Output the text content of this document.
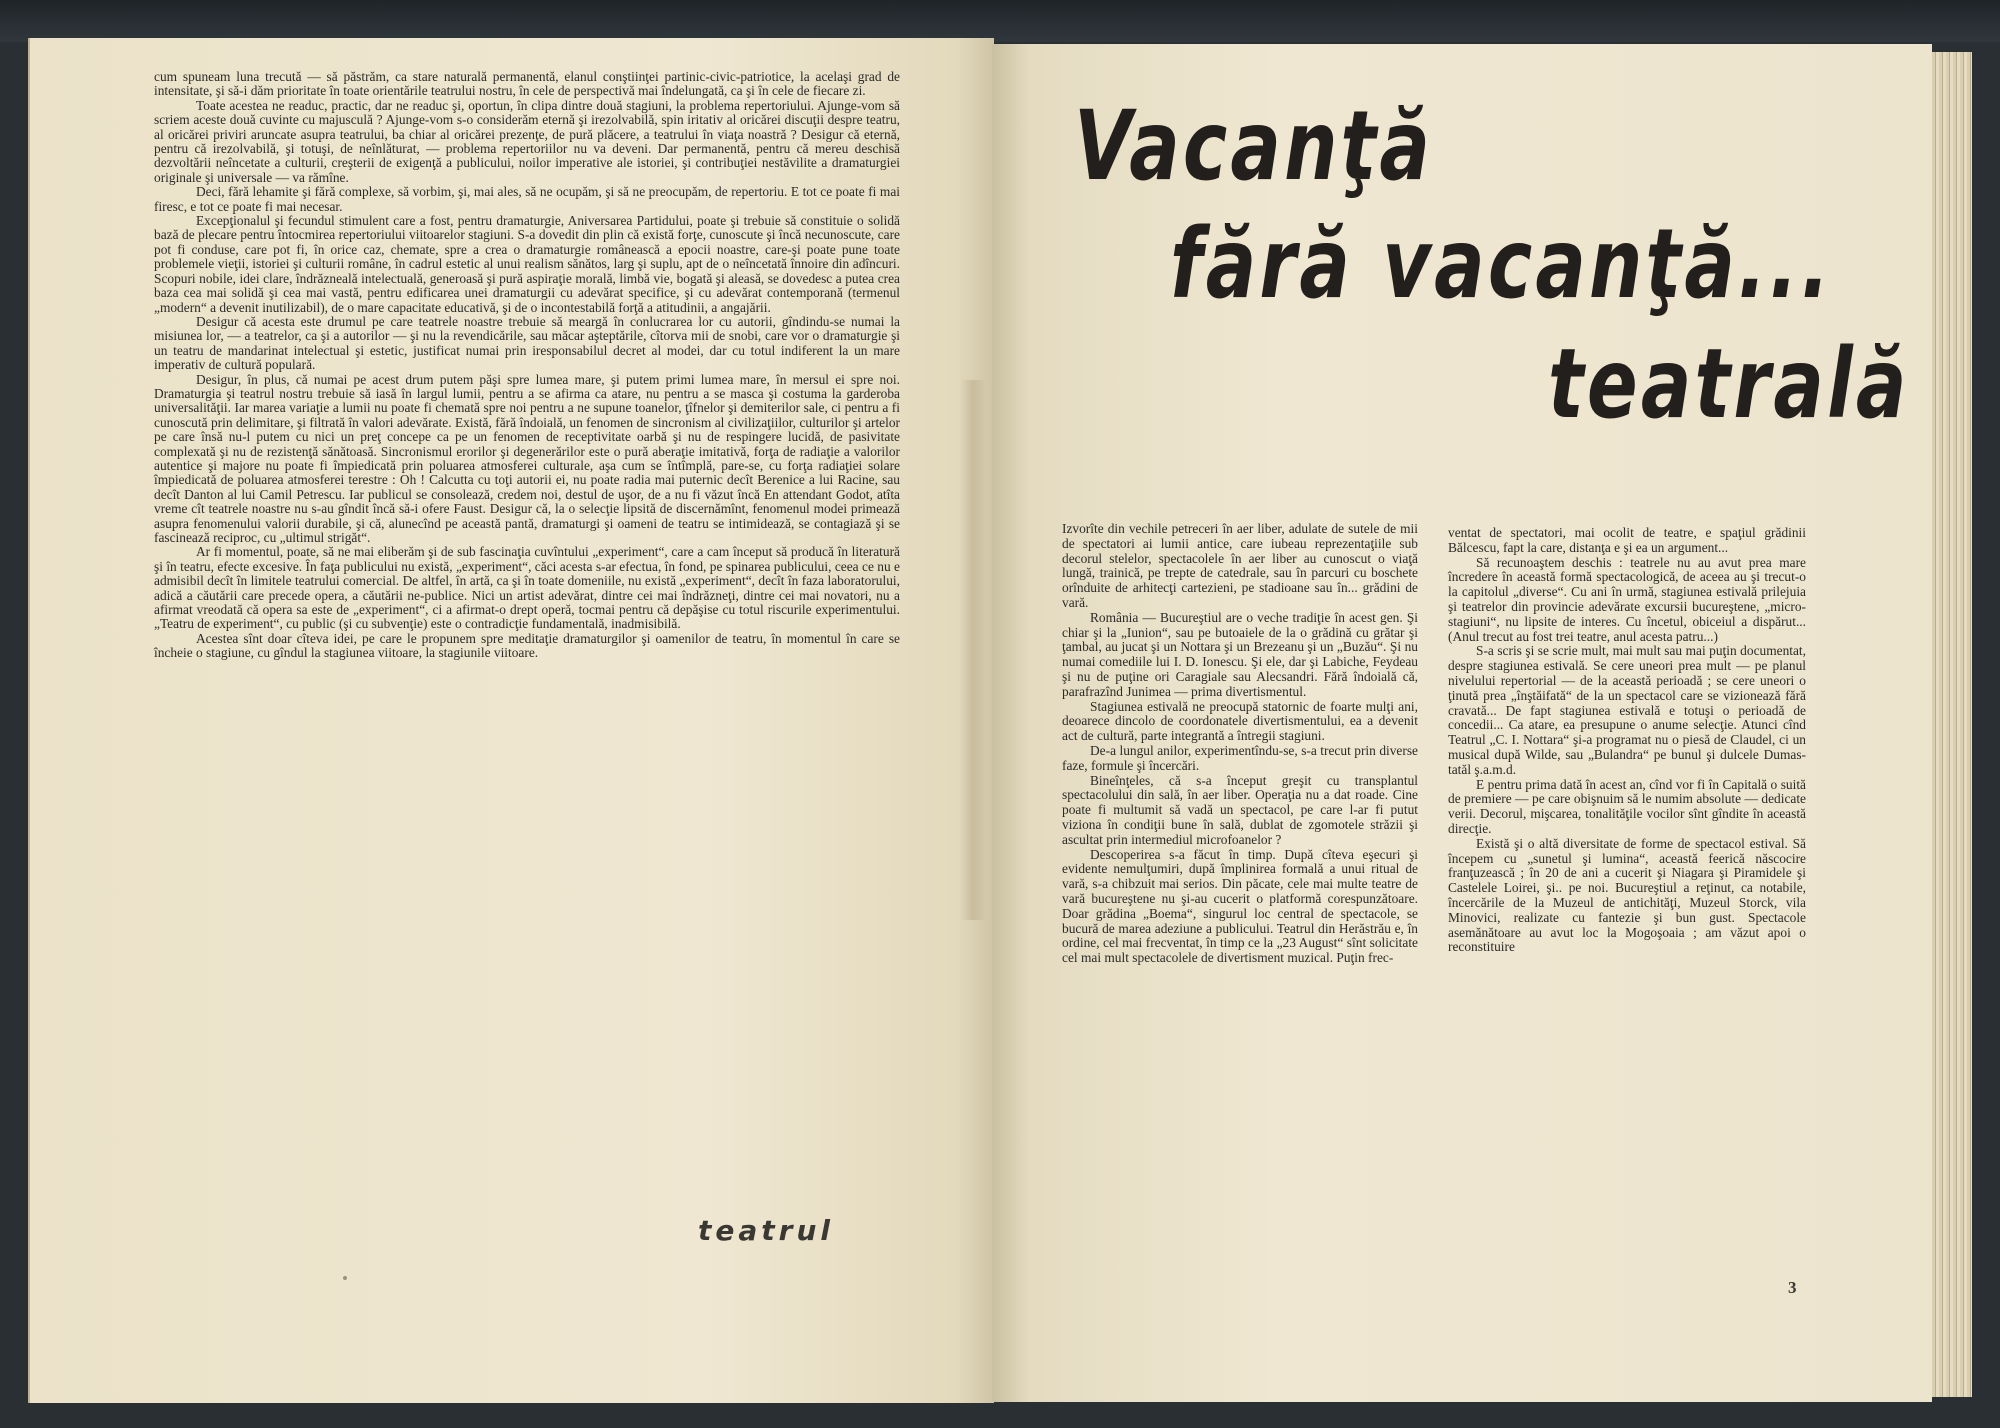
cum spuneam luna trecută — să păstrăm, ca stare naturală permanentă, elanul conştiinţei partinic-civic-patriotice, la acelaşi grad de intensitate, şi să-i dăm prioritate în toate orientările teatrului nostru, în cele de perspectivă mai îndelungată, ca şi în cele de fiecare zi.

Toate acestea ne readuc, practic, dar ne readuc şi, oportun, în clipa dintre două stagiuni, la problema repertoriului. Ajunge-vom să scriem aceste două cuvinte cu majusculă ? Ajunge-vom s-o considerăm eternă şi irezolvabilă, spin iritativ al oricărei discuţii despre teatru, al oricărei priviri aruncate asupra teatrului, ba chiar al oricărei prezenţe, de pură plăcere, a teatrului în viaţa noastră ? Desigur că eternă, pentru că irezolvabilă, şi totuşi, de neînlăturat, — problema repertoriilor nu va deveni. Dar permanentă, pentru că mereu deschisă dezvoltării neîncetate a culturii, creşterii de exigenţă a publicului, noilor imperative ale istoriei, şi contribuţiei nestăvilite a dramaturgiei originale şi universale — va rămîne.

Deci, fără lehamite şi fără complexe, să vorbim, şi, mai ales, să ne ocupăm, şi să ne preocupăm, de repertoriu. E tot ce poate fi mai firesc, e tot ce poate fi mai necesar.

Excepţionalul şi fecundul stimulent care a fost, pentru dramaturgie, Aniversarea Partidului, poate şi trebuie să constituie o solidă bază de plecare pentru întocmirea repertoriului viitoarelor stagiuni. S-a dovedit din plin că există forţe, cunoscute şi încă necunoscute, care pot fi conduse, care pot fi, în orice caz, chemate, spre a crea o dramaturgie românească a epocii noastre, care-şi poate pune toate problemele vieţii, istoriei şi culturii române, în cadrul estetic al unui realism sănătos, larg şi suplu, apt de o neîncetată înnoire din adîncuri. Scopuri nobile, idei clare, îndrăzneală intelectuală, generoasă şi pură aspiraţie morală, limbă vie, bogată şi aleasă, se dovedesc a putea crea baza cea mai solidă şi cea mai vastă, pentru edificarea unei dramaturgii cu adevărat specifice, şi cu adevărat contemporană (termenul „modern“ a devenit inutilizabil), de o mare capacitate educativă, şi de o incontestabilă forţă a atitudinii, a angajării.

Desigur că acesta este drumul pe care teatrele noastre trebuie să meargă în conlucrarea lor cu autorii, gîndindu-se numai la misiunea lor, — a teatrelor, ca şi a autorilor — şi nu la revendicările, sau măcar aşteptările, cîtorva mii de snobi, care vor o dramaturgie şi un teatru de mandarinat intelectual şi estetic, justificat numai prin iresponsabilul decret al modei, dar cu totul indiferent la un mare imperativ de cultură populară.

Desigur, în plus, că numai pe acest drum putem păşi spre lumea mare, şi putem primi lumea mare, în mersul ei spre noi. Dramaturgia şi teatrul nostru trebuie să iasă în largul lumii, pentru a se afirma ca atare, nu pentru a se masca şi costuma la garderoba universalităţii. Iar marea variaţie a lumii nu poate fi chemată spre noi pentru a ne supune toanelor, ţîfnelor şi demiterilor sale, ci pentru a fi cunoscută prin delimitare, şi filtrată în valori adevărate. Există, fără îndoială, un fenomen de sincronism al civilizaţiilor, culturilor şi artelor pe care însă nu-l putem cu nici un preţ concepe ca pe un fenomen de receptivitate oarbă şi nu de respingere lucidă, de pasivitate complexată şi nu de rezistenţă sănătoasă. Sincronismul erorilor şi degenerărilor este o pură aberaţie imitativă, forţa de radiaţie a valorilor autentice şi majore nu poate fi împiedicată prin poluarea atmosferei culturale, aşa cum se întîmplă, pare-se, cu forţa radiaţiei solare împiedicată de poluarea atmosferei terestre : Oh ! Calcutta cu toţi autorii ei, nu poate radia mai puternic decît Berenice a lui Racine, sau decît Danton al lui Camil Petrescu. Iar publicul se consolează, credem noi, destul de uşor, de a nu fi văzut încă En attendant Godot, atîta vreme cît teatrele noastre nu s-au gîndit încă să-i ofere Faust. Desigur că, la o selecţie lipsită de discernămînt, fenomenul modei primează asupra fenomenului valorii durabile, şi că, alunecînd pe această pantă, dramaturgi şi oameni de teatru se intimidează, se contagiază şi se fascinează reciproc, cu „ultimul strigăt“.

Ar fi momentul, poate, să ne mai eliberăm şi de sub fascinaţia cuvîntului „experiment“, care a cam început să producă în literatură şi în teatru, efecte excesive. În faţa publicului nu există, „experiment“, căci acesta s-ar efectua, în fond, pe spinarea publicului, ceea ce nu e admisibil decît în limitele teatrului comercial. De altfel, în artă, ca şi în toate domeniile, nu există „experiment“, decît în faza laboratorului, adică a căutării care precede opera, a căutării ne-publice. Nici un artist adevărat, dintre cei mai îndrăzneţi, dintre cei mai novatori, nu a afirmat vreodată că opera sa este de „experiment“, ci a afirmat-o drept operă, tocmai pentru că depăşise cu totul riscurile experimentului. „Teatru de experiment“, cu public (şi cu subvenţie) este o contradicţie fundamentală, inadmisibilă.

Acestea sînt doar cîteva idei, pe care le propunem spre meditaţie dramaturgilor şi oamenilor de teatru, în momentul în care se încheie o stagiune, cu gîndul la stagiunea viitoare, la stagiunile viitoare.

teatrul
Vacanţă
fără vacanţă...
teatrală

Izvorîte din vechile petreceri în aer liber, adulate de sutele de mii de spectatori ai lumii antice, care iubeau reprezentaţiile sub decorul stelelor, spectacolele în aer liber au cunoscut o viaţă lungă, trainică, pe trepte de catedrale, sau în parcuri cu boschete orînduite de arhitecţi cartezieni, pe stadioane sau în... grădini de vară.

România — Bucureştiul are o veche tradiţie în acest gen. Şi chiar şi la „Iunion“, sau pe butoaiele de la o grădină cu grătar şi ţambal, au jucat şi un Nottara şi un Brezeanu şi un „Buzău“. Şi nu numai comediile lui I. D. Ionescu. Şi ele, dar şi Labiche, Feydeau şi nu de puţine ori Caragiale sau Alecsandri. Fără îndoială că, parafrazînd Junimea — prima divertismentul.

Stagiunea estivală ne preocupă statornic de foarte mulţi ani, deoarece dincolo de coordonatele divertismentului, ea a devenit act de cultură, parte integrantă a întregii stagiuni.

De-a lungul anilor, experimentîndu-se, s-a trecut prin diverse faze, formule şi încercări.

Bineînţeles, că s-a început greşit cu transplantul spectacolului din sală, în aer liber. Operaţia nu a dat roade. Cine poate fi multumit să vadă un spectacol, pe care l-ar fi putut viziona în condiţii bune în sală, dublat de zgomotele străzii şi ascultat prin intermediul microfoanelor ?

Descoperirea s-a făcut în timp. După cîteva eşecuri şi evidente nemulţumiri, după împlinirea formală a unui ritual de vară, s-a chibzuit mai serios. Din păcate, cele mai multe teatre de vară bucureştene nu şi-au cucerit o platformă corespunzătoare. Doar grădina „Boema“, singurul loc central de spectacole, se bucură de marea adeziune a publicului. Teatrul din Herăstrău e, în ordine, cel mai frecventat, în timp ce la „23 August“ sînt solicitate cel mai mult spectacolele de divertisment muzical. Puţin frec-

ventat de spectatori, mai ocolit de teatre, e spaţiul grădinii Bălcescu, fapt la care, distanţa e şi ea un argument...

Să recunoaştem deschis : teatrele nu au avut prea mare încredere în această formă spectacologică, de aceea au şi trecut-o la capitolul „diverse“. Cu ani în urmă, stagiunea estivală prilejuia şi teatrelor din provincie adevărate excursii bucureştene, „micro-stagiuni“, nu lipsite de interes. Cu încetul, obiceiul a dispărut... (Anul trecut au fost trei teatre, anul acesta patru...)

S-a scris şi se scrie mult, mai mult sau mai puţin documentat, despre stagiunea estivală. Se cere uneori prea mult — pe planul nivelului repertorial — de la această perioadă ; se cere uneori o ţinută prea „înştăifată“ de la un spectacol care se vizionează fără cravată... De fapt stagiunea estivală e totuşi o perioadă de concedii... Ca atare, ea presupune o anume selecţie. Atunci cînd Teatrul „C. I. Nottara“ şi-a programat nu o piesă de Claudel, ci un musical după Wilde, sau „Bulandra“ pe bunul şi dulcele Dumas-tatăl ş.a.m.d.

E pentru prima dată în acest an, cînd vor fi în Capitală o suită de premiere — pe care obişnuim să le numim absolute — dedicate verii. Decorul, mişcarea, tonalităţile vocilor sînt gîndite în această direcţie.

Există şi o altă diversitate de forme de spectacol estival. Să începem cu „sunetul şi lumina“, această feerică născocire franţuzească ; în 20 de ani a cucerit şi Niagara şi Piramidele şi Castelele Loirei, şi.. pe noi. Bucureştiul a reţinut, ca notabile, încercările de la Muzeul de antichităţi, Muzeul Storck, vila Minovici, realizate cu fantezie şi bun gust. Spectacole asemănătoare au avut loc la Mogoşoaia ; am văzut apoi o reconstituire

3
